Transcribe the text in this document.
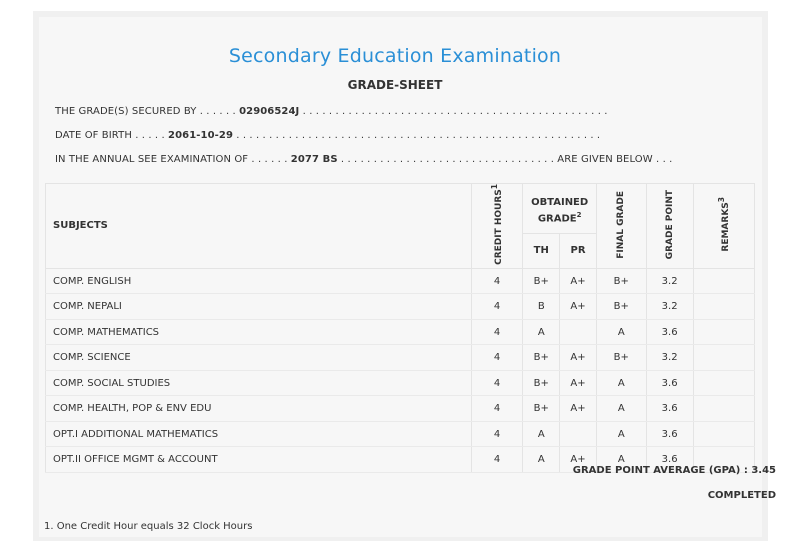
Secondary Education Examination
GRADE-SHEET
THE GRADE(S) SECURED BY . . . . . . 02906524J . . . . . . . . . . . . . . . . . . . . . . . . . . . . . . . . . . . . . . . . . . . . . . .
DATE OF BIRTH . . . . . 2061-10-29 . . . . . . . . . . . . . . . . . . . . . . . . . . . . . . . . . . . . . . . . . . . . . . . . . . . . . . . .
IN THE ANNUAL SEE EXAMINATION OF . . . . . . 2077 BS . . . . . . . . . . . . . . . . . . . . . . . . . . . . . . . . . ARE GIVEN BELOW . . .
SUBJECTS	CREDIT HOURS$^1$	OBTAINED GRADE$^2$		FINAL GRADE	GRADE POINT	REMARKS$^3$
		TH	PR			
COMP. ENGLISH	4	B+	A+	B+	3.2	
COMP. NEPALI	4	B	A+	B+	3.2	
COMP. MATHEMATICS	4	A		A	3.6	
COMP. SCIENCE	4	B+	A+	B+	3.2	
COMP. SOCIAL STUDIES	4	B+	A+	A	3.6	
COMP. HEALTH, POP & ENV EDU	4	B+	A+	A	3.6	
OPT.I ADDITIONAL MATHEMATICS	4	A		A	3.6	
OPT.II OFFICE MGMT & ACCOUNT	4	A	A+	A	3.6	
GRADE POINT AVERAGE (GPA) : 3.45
COMPLETED
1. One Credit Hour equals 32 Clock Hours
